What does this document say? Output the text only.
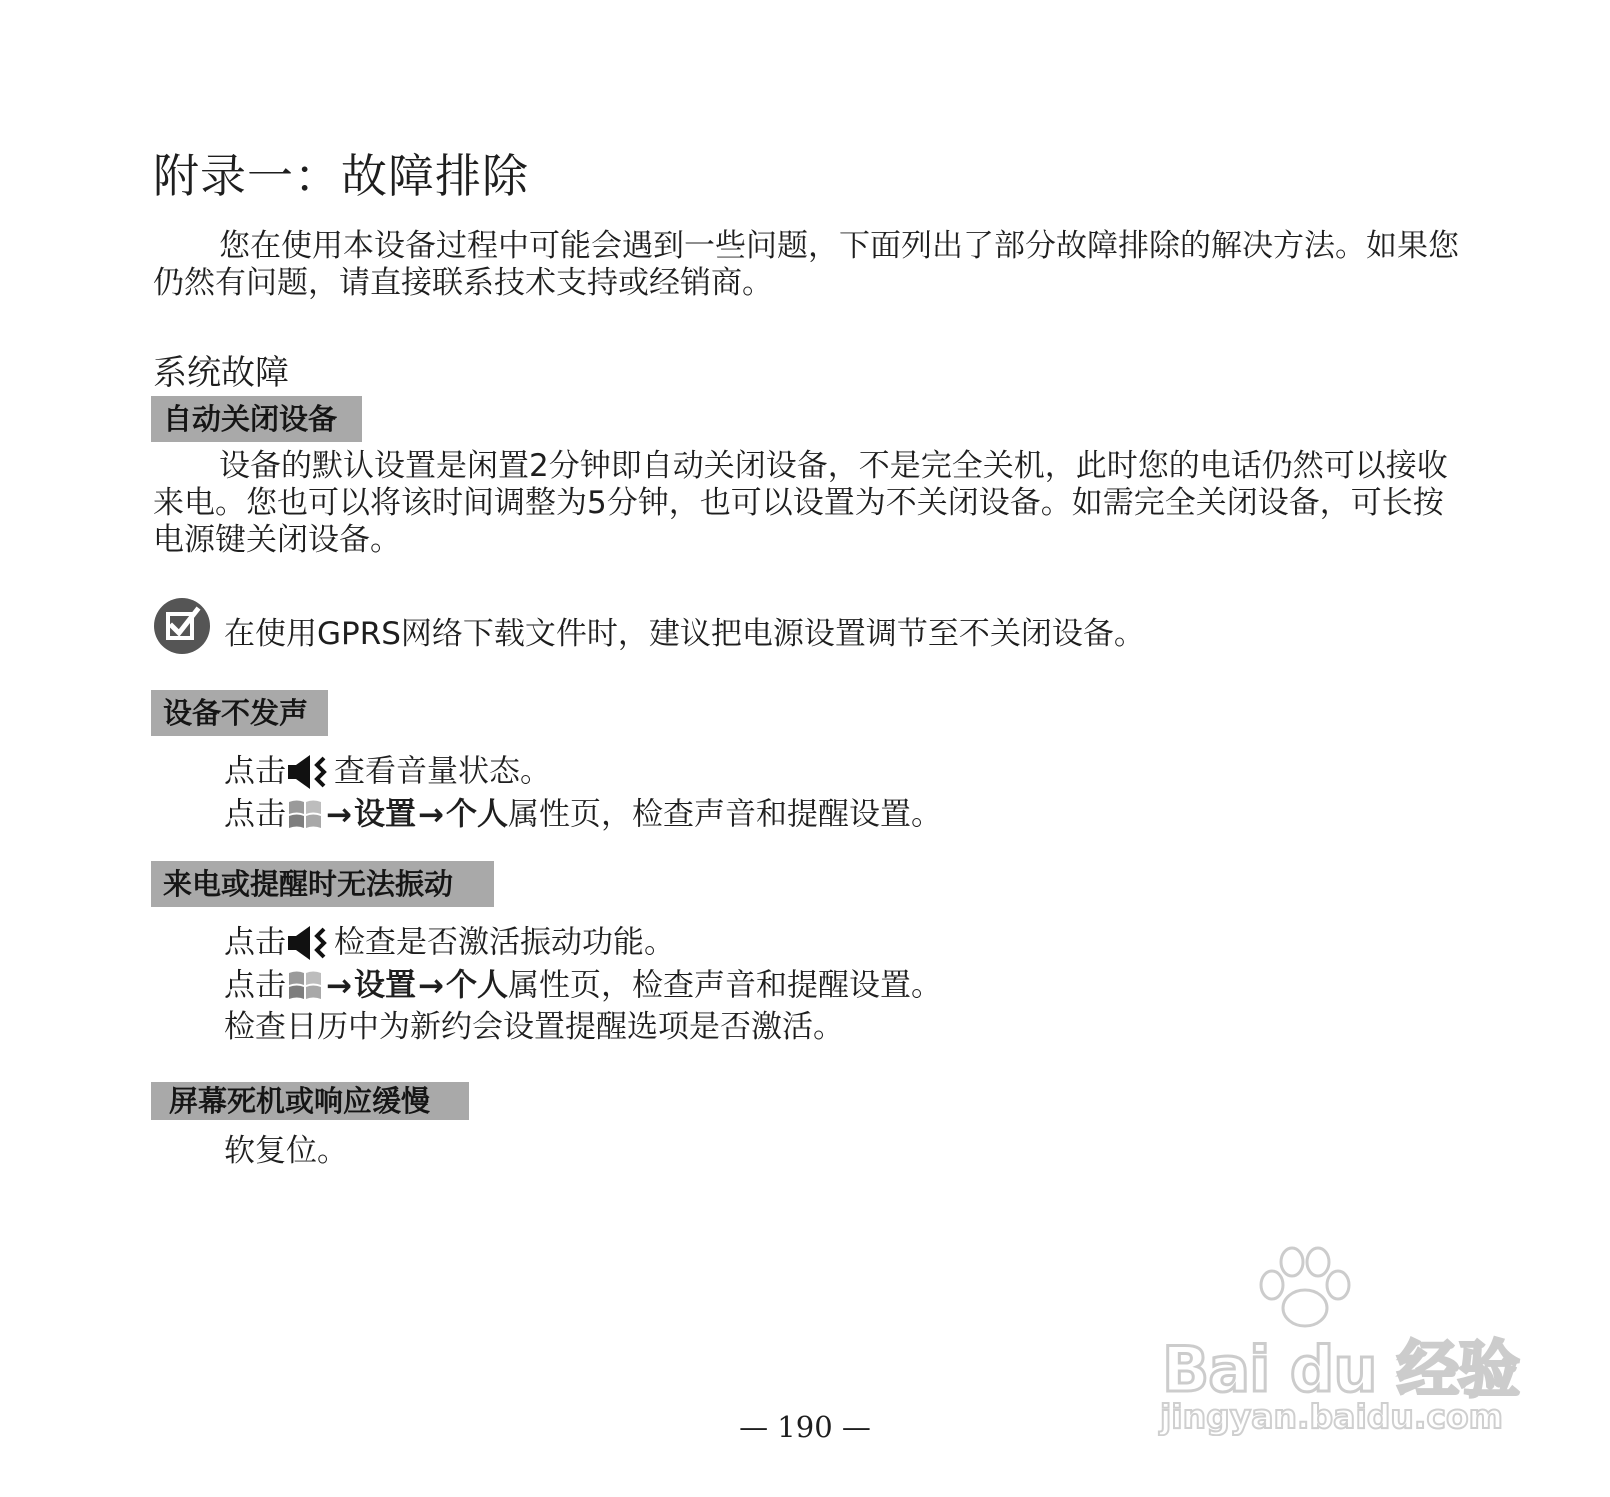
附录一：故障排除
您在使用本设备过程中可能会遇到一些问题，下面列出了部分故障排除的解决方法。如果您仍然有问题，请直接联系技术支持或经销商。
系统故障
自动关闭设备
设备的默认设置是闲置2分钟即自动关闭设备，不是完全关机，此时您的电话仍然可以接收来电。您也可以将该时间调整为5分钟，也可以设置为不关闭设备。如需完全关闭设备，可长按电源键关闭设备。
在使用GPRS网络下载文件时，建议把电源设置调节至不关闭设备。
设备不发声
点击 查看音量状态。
点击 →设置→个人属性页，检查声音和提醒设置。
来电或提醒时无法振动
点击 检查是否激活振动功能。
点击 →设置→个人属性页，检查声音和提醒设置。
检查日历中为新约会设置提醒选项是否激活。
屏幕死机或响应缓慢
软复位。
— 190 —
Bai du 经验
jingyan.baidu.com
